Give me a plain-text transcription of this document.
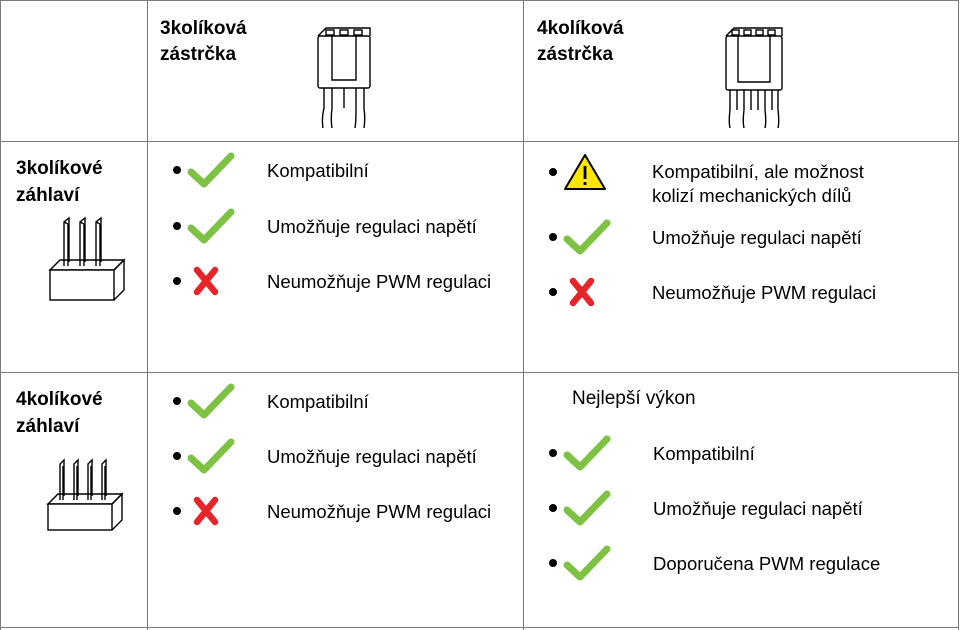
3kolíková
zástrčka
4kolíková
zástrčka
3kolíkové
záhlaví
4kolíkové
záhlaví
Kompatibilní
Umožňuje regulaci napětí
Neumožňuje PWM regulaci
Kompatibilní, ale možnost
kolizí mechanických dílů
Umožňuje regulaci napětí
Neumožňuje PWM regulaci
Kompatibilní
Umožňuje regulaci napětí
Neumožňuje PWM regulaci
Nejlepší výkon
Kompatibilní
Umožňuje regulaci napětí
Doporučena PWM regulace
